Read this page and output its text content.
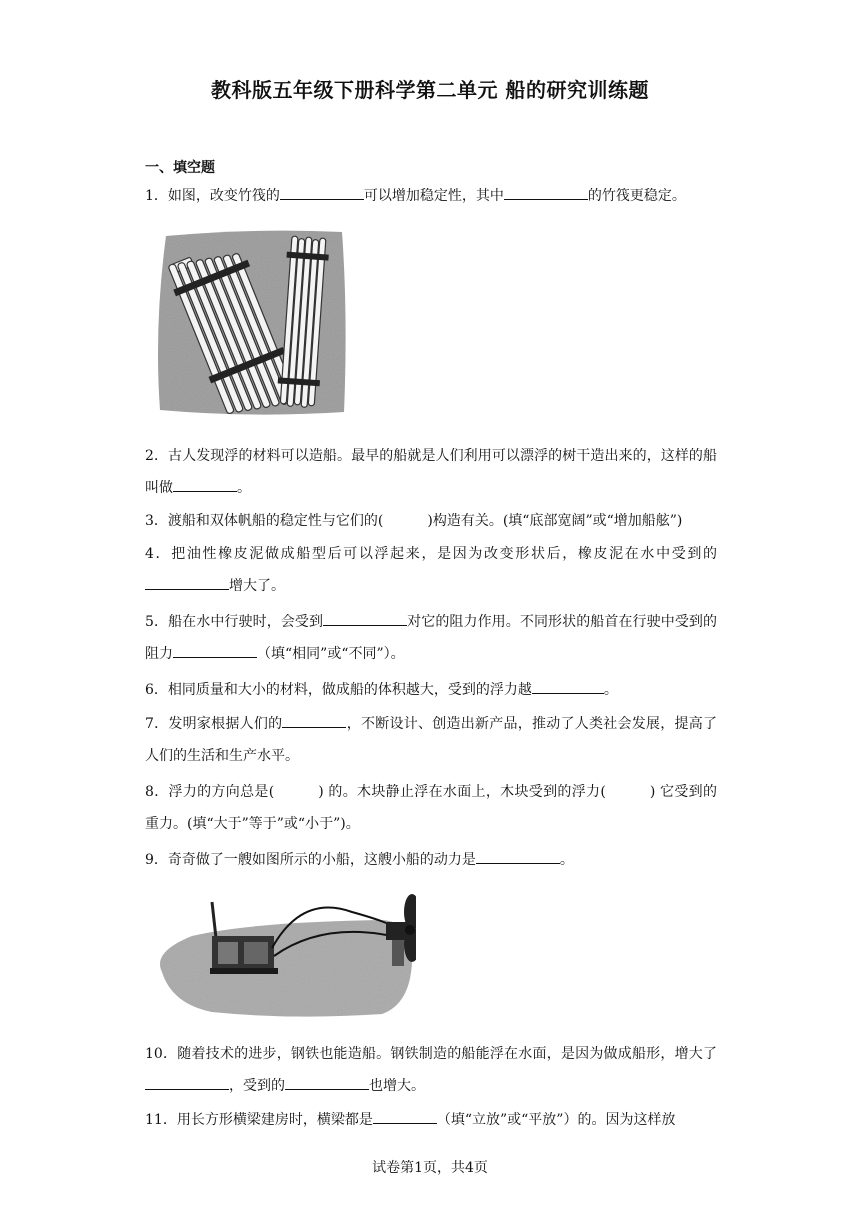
教科版五年级下册科学第二单元 船的研究训练题
一、填空题
1．如图，改变竹筏的	可以增加稳定性，其中	的竹筏更稳定。
2．古人发现浮的材料可以造船。最早的船就是人们利用可以漂浮的树干造出来的，这样的船叫做	。
3．渡船和双体帆船的稳定性与它们的(	)构造有关。(填“底部宽阔”或“增加船舷”)
4．把油性橡皮泥做成船型后可以浮起来，是因为改变形状后，橡皮泥在水中受到的增大了。
5．船在水中行驶时，会受到	对它的阻力作用。不同形状的船首在行驶中受到的阻力	（填“相同”或“不同”）。
6．相同质量和大小的材料，做成船的体积越大，受到的浮力越	。
7．发明家根据人们的	，不断设计、创造出新产品，推动了人类社会发展，提高了人们的生活和生产水平。
8．浮力的方向总是(	) 的。木块静止浮在水面上，木块受到的浮力(	) 它受到的重力。(填“大于”等于”或“小于”)。
9．奇奇做了一艘如图所示的小船，这艘小船的动力是	。
10．随着技术的进步，钢铁也能造船。钢铁制造的船能浮在水面，是因为做成船形，增大了，受到的	也增大。
11．用长方形横梁建房时，横梁都是	（填“立放”或“平放”）的。因为这样放
试卷第1页，共4页
